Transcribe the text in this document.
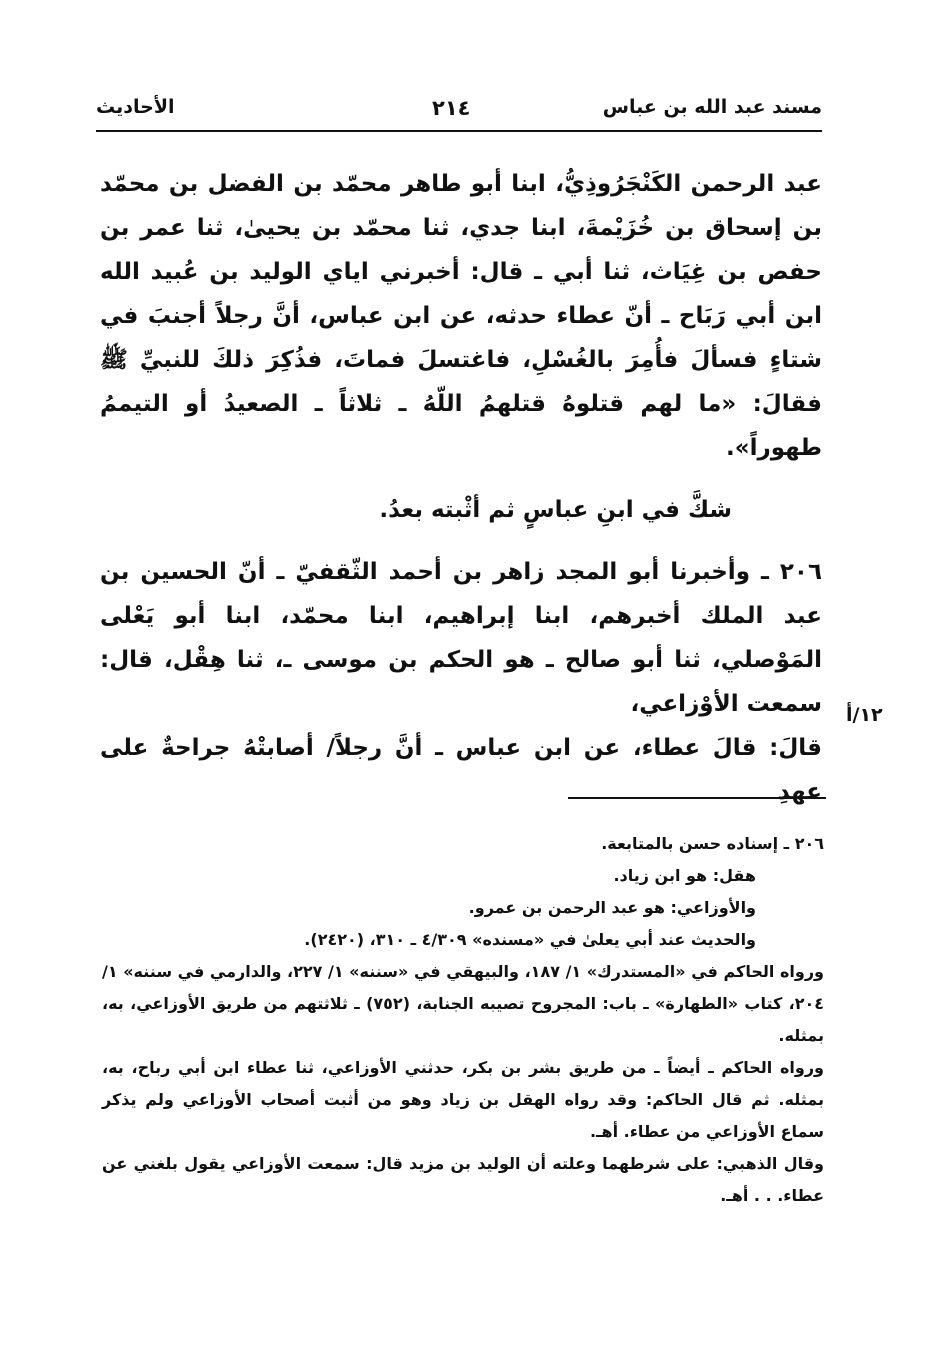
مسند عبد الله بن عباس
٢١٤
الأحاديث

عبد الرحمن الكَنْجَرُوذِيُّ، ابنا أبو طاهر محمّد بن الفضل بن محمّد بن إسحاق بن خُزَيْمةَ، ابنا جدي، ثنا محمّد بن يحيىٰ، ثنا عمر بن حفص بن غِيَاث، ثنا أبي ـ قال: أخبرني اياي الوليد بن عُبيد الله ابن أبي رَبَاح ـ أنّ عطاء حدثه، عن ابن عباس، أنَّ رجلاً أجنبَ في شتاءٍ فسألَ فأُمِرَ بالغُسْلِ، فاغتسلَ فماتَ، فذُكِرَ ذلكَ للنبيِّ ﷺ فقالَ: «ما لهم قتلوهُ قتلهمُ اللّهُ ـ ثلاثاً ـ الصعيدُ أو التيممُ طهوراً».

شكَّ في ابنِ عباسٍ ثم أثْبته بعدُ.

٢٠٦ ـ وأخبرنا أبو المجد زاهر بن أحمد الثّقفيّ ـ أنّ الحسين بن عبد الملك أخبرهم، ابنا إبراهيم، ابنا محمّد، ابنا أبو يَعْلى المَوْصلي، ثنا أبو صالح ـ هو الحكم بن موسى ـ، ثنا هِقْل، قال: سمعت الأوْزاعي،

قالَ: قالَ عطاء، عن ابن عباس ـ أنَّ رجلاً/ أصابتْهُ جراحةٌ على عهدِ

١٢/أ

٢٠٦ ـ إسناده حسن بالمتابعة.

هقل: هو ابن زياد.

والأوزاعي: هو عبد الرحمن بن عمرو.

والحديث عند أبي يعلىٰ في «مسنده» ٤/٣٠٩ ـ ٣١٠، (٢٤٢٠).

ورواه الحاكم في «المستدرك» ١/ ١٨٧، والبيهقي في «سننه» ١/ ٢٢٧، والدارمي في سننه» ١/ ٢٠٤، كتاب «الطهارة» ـ باب: المجروح تصيبه الجنابة، (٧٥٢) ـ ثلاثتهم من طريق الأوزاعي، به، بمثله.

ورواه الحاكم ـ أيضاً ـ من طريق بشر بن بكر، حدثني الأوزاعي، ثنا عطاء ابن أبي رباح، به، بمثله. ثم قال الحاكم: وقد رواه الهقل بن زياد وهو من أثبت أصحاب الأوزاعي ولم يذكر سماع الأوزاعي من عطاء. أهـ.

وقال الذهبي: على شرطهما وعلته أن الوليد بن مزيد قال: سمعت الأوزاعي يقول بلغني عن عطاء. . . أهـ.
